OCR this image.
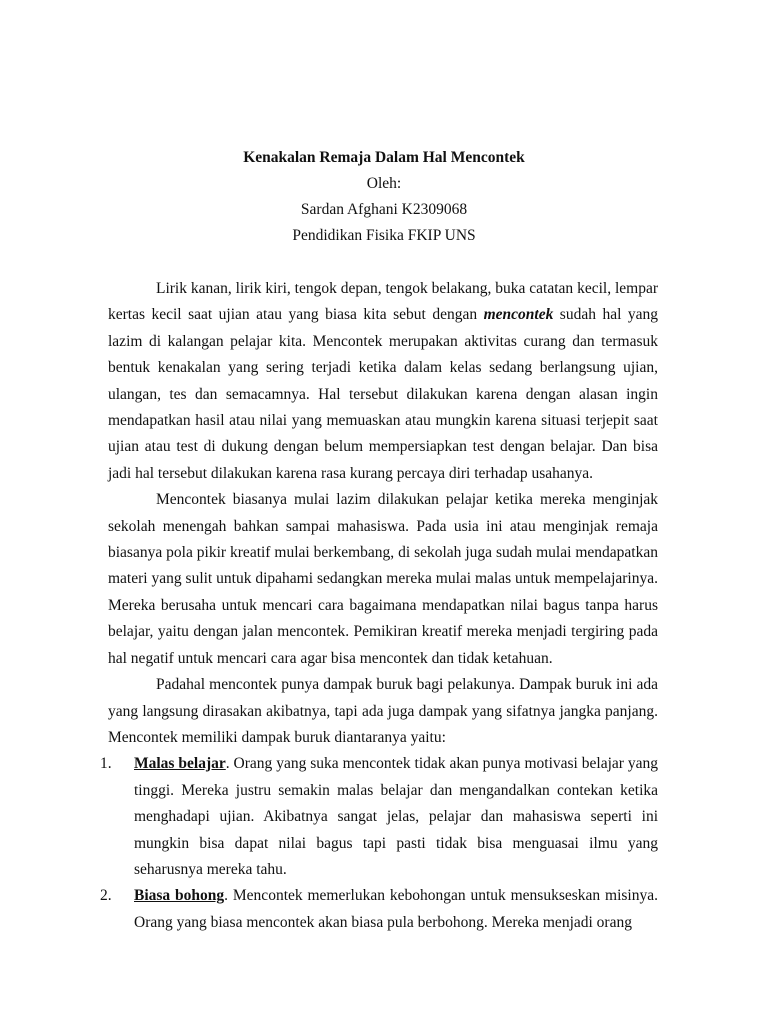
Kenakalan Remaja Dalam Hal Mencontek
Oleh:
Sardan Afghani K2309068
Pendidikan Fisika FKIP UNS

Lirik kanan, lirik kiri, tengok depan, tengok belakang, buka catatan kecil, lempar kertas kecil saat ujian atau yang biasa kita sebut dengan mencontek sudah hal yang lazim di kalangan pelajar kita. Mencontek merupakan aktivitas curang dan termasuk bentuk kenakalan yang sering terjadi ketika dalam kelas sedang berlangsung ujian, ulangan, tes dan semacamnya. Hal tersebut dilakukan karena dengan alasan ingin mendapatkan hasil atau nilai yang memuaskan atau mungkin karena situasi terjepit saat ujian atau test di dukung dengan belum mempersiapkan test dengan belajar. Dan bisa jadi hal tersebut dilakukan karena rasa kurang percaya diri terhadap usahanya.

Mencontek biasanya mulai lazim dilakukan pelajar ketika mereka menginjak sekolah menengah bahkan sampai mahasiswa. Pada usia ini atau menginjak remaja biasanya pola pikir kreatif mulai berkembang, di sekolah juga sudah mulai mendapatkan materi yang sulit untuk dipahami sedangkan mereka mulai malas untuk mempelajarinya. Mereka berusaha untuk mencari cara bagaimana mendapatkan nilai bagus tanpa harus belajar, yaitu dengan jalan mencontek. Pemikiran kreatif mereka menjadi tergiring pada hal negatif untuk mencari cara agar bisa mencontek dan tidak ketahuan.

Padahal mencontek punya dampak buruk bagi pelakunya. Dampak buruk ini ada yang langsung dirasakan akibatnya, tapi ada juga dampak yang sifatnya jangka panjang. Mencontek memiliki dampak buruk diantaranya yaitu:

1. Malas belajar. Orang yang suka mencontek tidak akan punya motivasi belajar yang tinggi. Mereka justru semakin malas belajar dan mengandalkan contekan ketika menghadapi ujian. Akibatnya sangat jelas, pelajar dan mahasiswa seperti ini mungkin bisa dapat nilai bagus tapi pasti tidak bisa menguasai ilmu yang seharusnya mereka tahu.
2. Biasa bohong. Mencontek memerlukan kebohongan untuk mensukseskan misinya. Orang yang biasa mencontek akan biasa pula berbohong. Mereka menjadi orang
